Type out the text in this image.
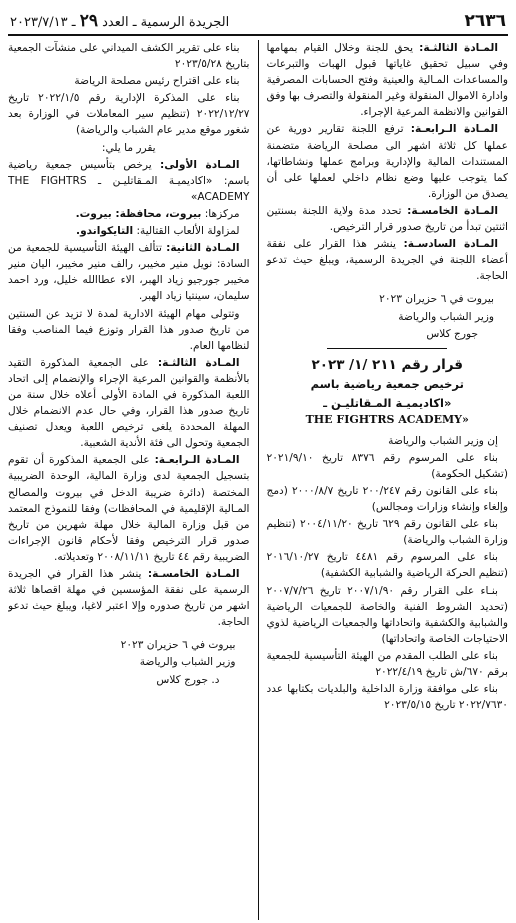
٢٦٣٦
الجريدة الرسمية ـ العدد ٢٩ ـ ٢٠٢٣/٧/١٣

المـادة الثالثـة: يحق للجنة وخلال القيام بمهامها وفي سبيل تحقيق غاياتها قبول الهبات والتبرعات والمساعدات المـالية والعينية وفتح الحسابات المصرفية وادارة الاموال المنقولة وغير المنقولة والتصرف بها وفق القوانين والانظمة المرعية الإجراء.

المـادة الـرابعـة: ترفع اللجنة تقارير دورية عن عملها كل ثلاثة اشهر الى مصلحة الرياضة متضمنة المستندات المالية والإدارية وبرامج عملها ونشاطاتها، كما يتوجب عليها وضع نظام داخلي لعملها على أن يصدق من الوزارة.

المـادة الخامسـة: تحدد مدة ولاية اللجنة بسنتين اثنتين تبدأ من تاريخ صدور قرار الترخيص.

المـادة السادسـة: ينشر هذا القرار على نفقة أعضاء اللجنة في الجريدة الرسمية، ويبلغ حيث تدعو الحاجة.

بيروت في ٦ حزيران ٢٠٢٣

وزير الشباب والرياضة

جورج كلاس

قرار رقم ٢١١ /١/ ٢٠٢٣

ترخيص جمعية رياضية باسم

«اكاديميـة المـقاتليـن ـ

THE FIGHTRS ACADEMY»

إن وزير الشباب والرياضة

بناء على المرسوم رقم ٨٣٧٦ تاريخ ٢٠٢١/٩/١٠ (تشكيل الحكومة)

بناء على القانون رقم ٢٠٠/٢٤٧ تاريخ ٢٠٠٠/٨/٧ (دمج وإلغاء وإنشاء وزارات ومجالس)

بناء على القانون رقم ٦٢٩ تاريخ ٢٠٠٤/١١/٢٠ (تنظيم وزارة الشباب والرياضة)

بناء على المرسوم رقم ٤٤٨١ تاريخ ٢٠١٦/١٠/٢٧ (تنظيم الحركة الرياضية والشبابية الكشفية)

بنـاء على القرار رقم ٢٠٠٧/١/٩٠ تاريخ ٢٠٠٧/٧/٢٦ (تحديد الشروط الفنية والخاصة للجمعيات الرياضية والشبابية والكشفية واتحاداتها والجمعيات الرياضية لذوي الاحتياجات الخاصة واتحاداتها)

بناء على الطلب المقدم من الهيئة التأسيسية للجمعية برقم ٦٧٠/ش تاريخ ٢٠٢٢/٤/١٩

بناء على موافقة وزارة الداخلية والبلديات بكتابها عدد ٢٠٢٢/٧٦٣٠ تاريخ ٢٠٢٣/٥/١٥

بناء على تقرير الكشف الميداني على منشآت الجمعية بتاريخ ٢٠٢٣/٥/٢٨

بناء على اقتراح رئيس مصلحة الرياضة

بناء على المذكرة الإدارية رقم ٢٠٢٢/١/٥ تاريخ ٢٠٢٢/١٢/٢٧ (تنظيم سير المعاملات في الوزارة بعد شغور موقع مدير عام الشباب والرياضة)

يقرر ما يلي:

المـادة الأولى: يرخص بتأسيس جمعية رياضية باسم: «اكاديميـة المـقاتليـن ـ THE FIGHTRS ACADEMY»

مركزها: بيروت، محافظة: بيروت.

لمزاولة الألعاب القتالية: التايكواندو.

المـادة الثانية: تتألف الهيئة التأسيسية للجمعية من السادة: نويل منير مخيبر، رالف منير مخيبر، اليان منير مخيبر جورجيو زياد الهبر، الاء عطاالله خليل، ورد احمد سليمان، سينتيا زياد الهبر.

وتتولى مهام الهيئة الادارية لمدة لا تزيد عن السنتين من تاريخ صدور هذا القرار وتوزع فيما المناصب وفقا لنظامها العام.

المـادة الثالثـة: على الجمعية المذكورة التقيد بالأنظمة والقوانين المرعية الإجراء والإنضمام إلى اتحاد اللعبة المذكورة في المادة الأولى أعلاه خلال سنة من تاريخ صدور هذا القرار، وفي حال عدم الانضمام خلال المهلة المحددة يلغى ترخيص اللعبة ويعدل تصنيف الجمعية وتحول الى فئة الأندية الشعبية.

المـادة الـرابعـة: على الجمعية المذكورة أن تقوم بتسجيل الجمعية لدى وزارة المالية، الوحدة الضريبية المختصة (دائرة ضريبة الدخل في بيروت والمصالح المـالية الإقليمية في المحافظات) وفقا للنموذج المعتمد من قبل وزارة المالية خلال مهلة شهرين من تاريخ صدور قرار الترخيص وفقا لأحكام قانون الإجراءات الضريبية رقم ٤٤ تاريخ ٢٠٠٨/١١/١١ وتعديلاته.

المـادة الخامسـة: ينشر هذا القرار في الجريدة الرسمية على نفقة المؤسسين في مهلة اقصاها ثلاثة اشهر من تاريخ صدوره وإلا اعتبر لاغيا، ويبلغ حيث تدعو الحاجة.

بيروت في ٦ حزيران ٢٠٢٣

وزير الشباب والرياضة

د. جورج كلاس
